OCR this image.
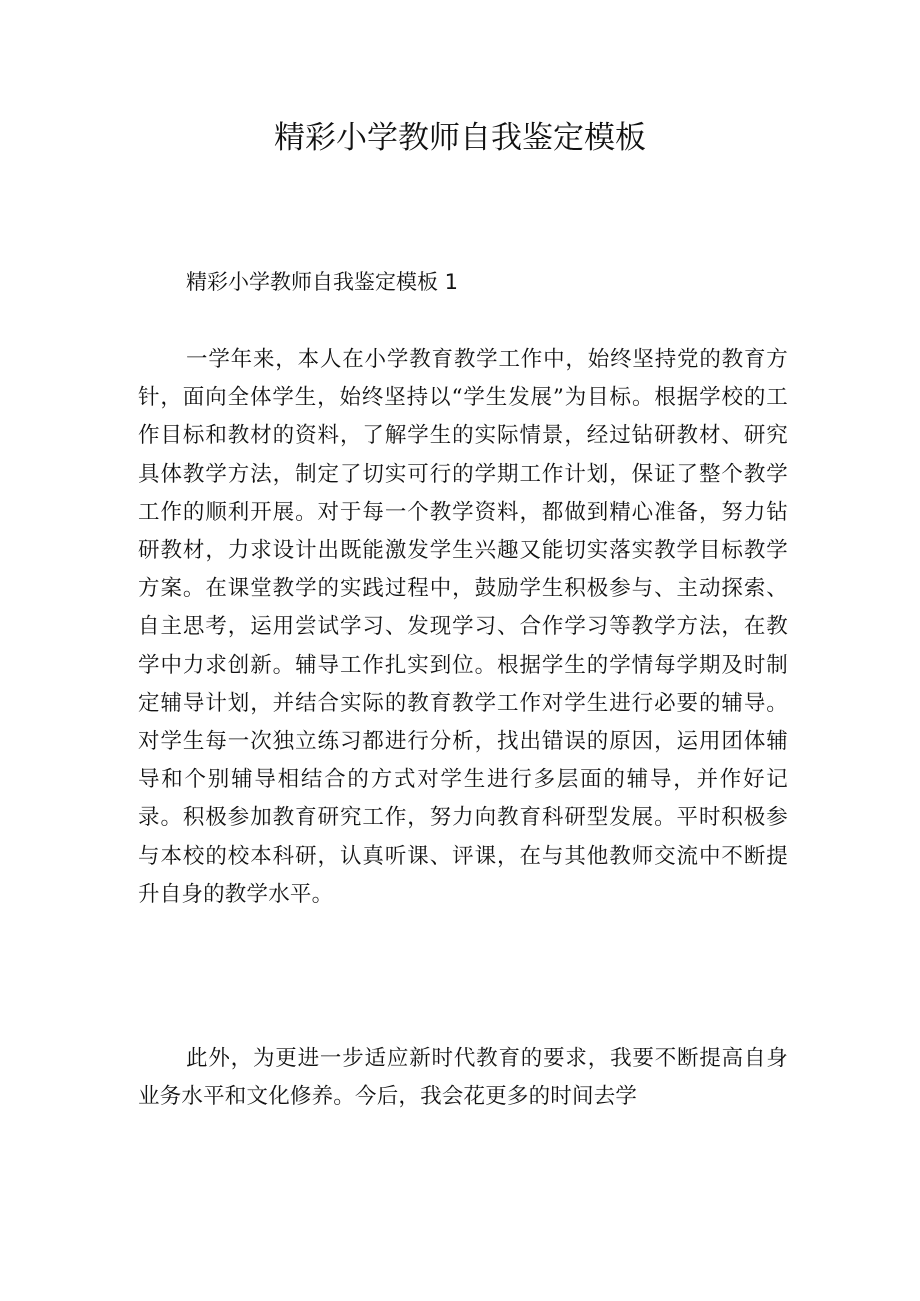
精彩小学教师自我鉴定模板

精彩小学教师自我鉴定模板 1

一学年来，本人在小学教育教学工作中，始终坚持党的教育方针，面向全体学生，始终坚持以“学生发展”为目标。根据学校的工作目标和教材的资料，了解学生的实际情景，经过钻研教材、研究具体教学方法，制定了切实可行的学期工作计划，保证了整个教学工作的顺利开展。对于每一个教学资料，都做到精心准备，努力钻研教材，力求设计出既能激发学生兴趣又能切实落实教学目标教学方案。在课堂教学的实践过程中，鼓励学生积极参与、主动探索、自主思考，运用尝试学习、发现学习、合作学习等教学方法，在教学中力求创新。辅导工作扎实到位。根据学生的学情每学期及时制定辅导计划，并结合实际的教育教学工作对学生进行必要的辅导。对学生每一次独立练习都进行分析，找出错误的原因，运用团体辅导和个别辅导相结合的方式对学生进行多层面的辅导，并作好记录。积极参加教育研究工作，努力向教育科研型发展。平时积极参与本校的校本科研，认真听课、评课，在与其他教师交流中不断提升自身的教学水平。

此外，为更进一步适应新时代教育的要求，我要不断提高自身业务水平和文化修养。今后，我会花更多的时间去学
